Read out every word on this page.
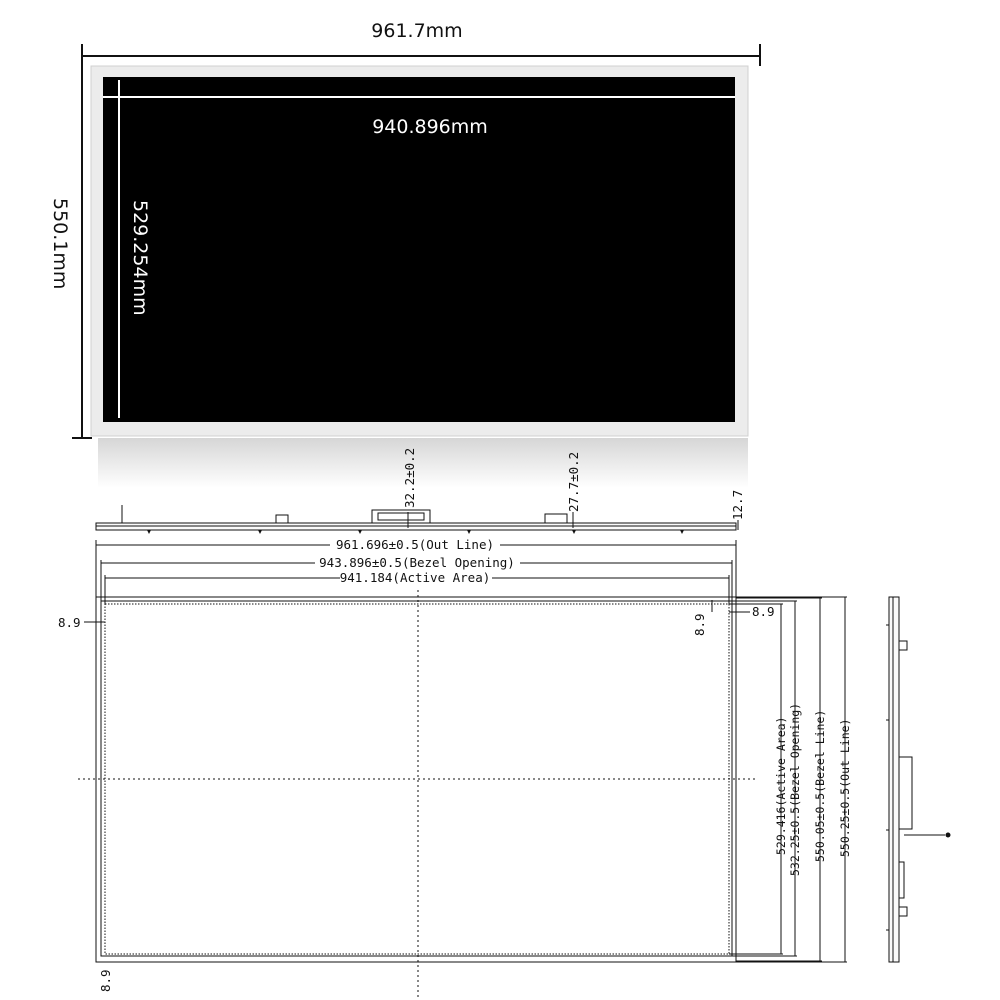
940.896mm
529.254mm
961.7mm
550.1mm
32.2±0.2	27.7±0.2	12.7
961.696±0.5(Out Line)
943.896±0.5(Bezel Opening)
941.184(Active Area)
8.9	8.9
8.9
8.9
529.416(Active Area) 532.25±0.5(Bezel Opening) 550.05±0.5(Bezel Line) 550.25±0.5(Out Line)
